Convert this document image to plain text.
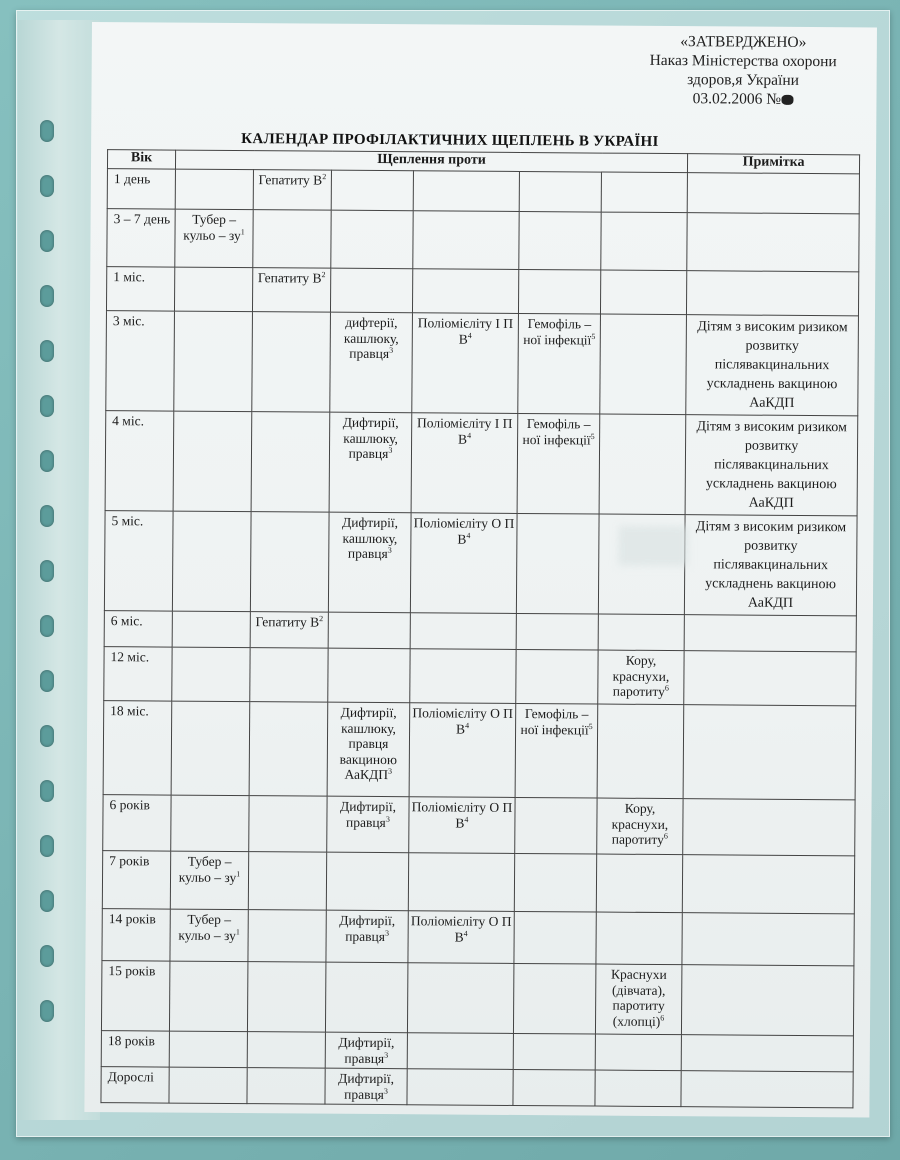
«ЗАТВЕРДЖЕНО»
Наказ Міністерства охорони
здоров,я України
03.02.2006 №
КАЛЕНДАР ПРОФІЛАКТИЧНИХ ЩЕПЛЕНЬ В УКРАЇНІ
Вік	Щеплення проти						Примітка
1 день		Гепатиту $В^2$					
3 – 7 день	Тубер – кульо – $зу^1$						
1 міс.		Гепатиту $В^2$					
3 міс.			дифтерії, кашлюку, правця$^3$	Поліомієліту І П $В^4$	Гемофіль – ної інфекції$^5$		Дітям з високим ризиком розвитку післявакцинальних ускладнень вакциною АаКДП
4 міс.			Дифтирії, кашлюку, правця$^3$	Поліомієліту І П $В^4$	Гемофіль – ної інфекції$^5$		Дітям з високим ризиком розвитку післявакцинальних ускладнень вакциною АаКДП
5 міс.			Дифтирії, кашлюку, правця$^3$	Поліомієліту О П $В^4$			Дітям з високим ризиком розвитку післявакцинальних ускладнень вакциною АаКДП
6 міс.		Гепатиту $В^2$					
12 міс.						Кору, краснухи, паротиту$^6$	
18 міс.			Дифтирії, кашлюку, правця вакциною АаКДП$^3$	Поліомієліту О П $В^4$	Гемофіль – ної інфекції$^5$		
6 років			Дифтирії, правця$^3$	Поліомієліту О П $В^4$		Кору, краснухи, паротиту$^6$	
7 років	Тубер – кульо – $зу^1$						
14 років	Тубер – кульо – $зу^1$		Дифтирії, правця$^3$	Поліомієліту О П $В^4$			
15 років						Краснухи (дівчата), паротиту (хлопці)$^6$	
18 років			Дифтирії, правця$^3$				
Дорослі			Дифтирії, правця$^3$				
